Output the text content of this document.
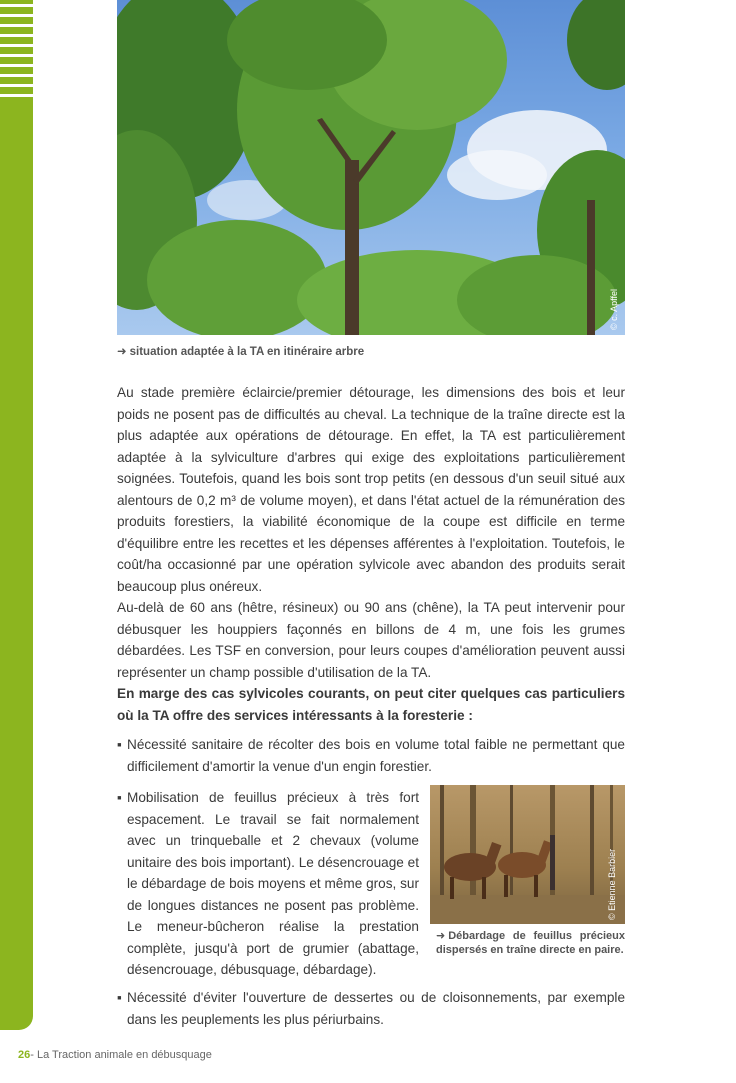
© c. Apffel
➜ situation adaptée à la TA en itinéraire arbre

Au stade première éclaircie/premier détourage, les dimensions des bois et leur poids ne posent pas de difficultés au cheval. La technique de la traîne directe est la plus adaptée aux opérations de détourage. En effet, la TA est particulièrement adaptée à la sylviculture d'arbres qui exige des exploitations particulièrement soignées. Toutefois, quand les bois sont trop petits (en dessous d'un seuil situé aux alentours de 0,2 m³ de volume moyen), et dans l'état actuel de la rémunération des produits forestiers, la viabilité économique de la coupe est difficile en terme d'équilibre entre les recettes et les dépenses afférentes à l'exploitation. Toutefois, le coût/ha occasionné par une opération sylvicole avec abandon des produits serait beaucoup plus onéreux.

Au-delà de 60 ans (hêtre, résineux) ou 90 ans (chêne), la TA peut intervenir pour débusquer les houppiers façonnés en billons de 4 m, une fois les grumes débardées. Les TSF en conversion, pour leurs coupes d'amélioration peuvent aussi représenter un champ possible d'utilisation de la TA.

En marge des cas sylvicoles courants, on peut citer quelques cas particuliers où la TA offre des services intéressants à la foresterie :

▪ Nécessité sanitaire de récolter des bois en volume total faible ne permettant que difficilement d'amortir la venue d'un engin forestier.
▪ Mobilisation de feuillus précieux à très fort espacement. Le travail se fait normalement avec un trinqueballe et 2 chevaux (volume unitaire des bois important). Le désencrouage et le débardage de bois moyens et même gros, sur de longues distances ne posent pas problème. Le meneur-bûcheron réalise la prestation complète, jusqu'à port de grumier (abattage, désencrouage, débusquage, débardage).
© Etienne Barbier
➜ Débardage de feuillus précieux dispersés en traîne directe en paire.
▪ Nécessité d'éviter l'ouverture de dessertes ou de cloisonnements, par exemple dans les peuplements les plus périurbains.
26- La Traction animale en débusquage
